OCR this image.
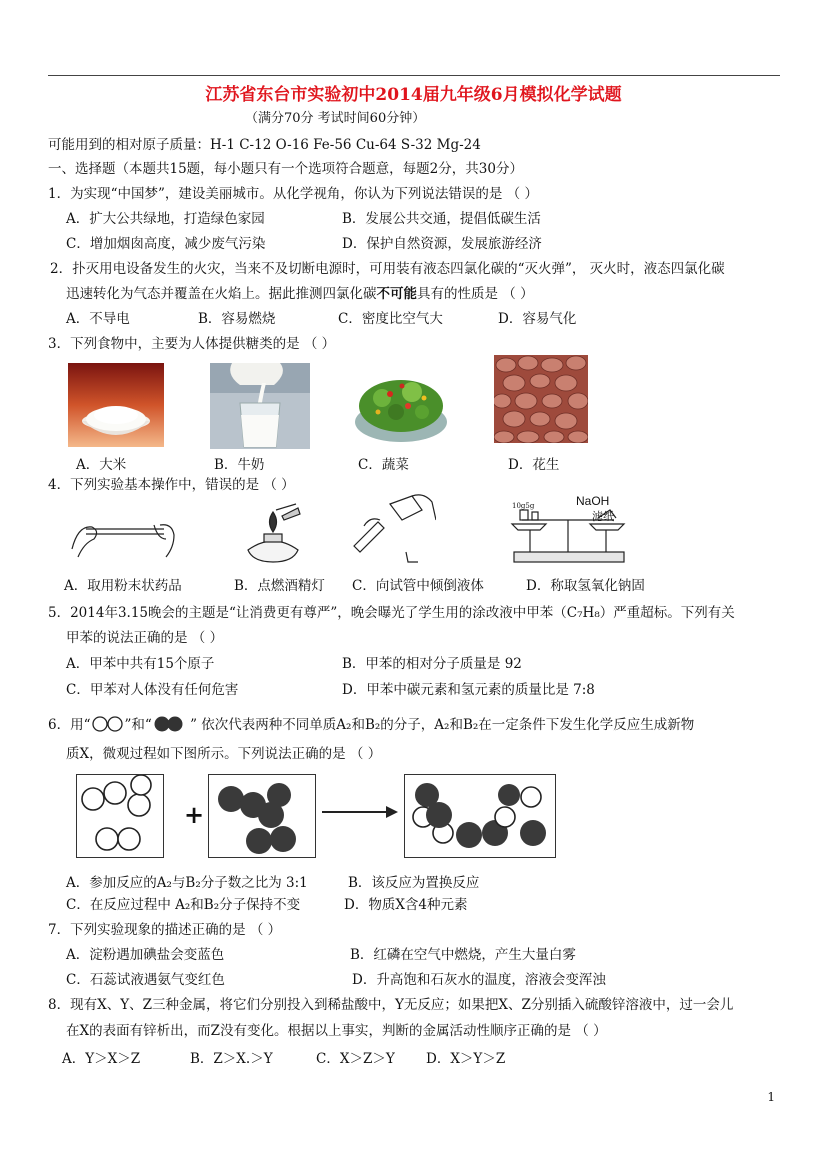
江苏省东台市实验初中2014届九年级6月模拟化学试题
（满分70分 考试时间60分钟）
可能用到的相对原子质量：H-1 C-12 O-16 Fe-56 Cu-64 S-32 Mg-24
一、选择题（本题共15题，每小题只有一个选项符合题意，每题2分，共30分）
1．为实现“中国梦”，建设美丽城市。从化学视角，你认为下列说法错误的是 （ ）
A．扩大公共绿地，打造绿色家园	B．发展公共交通，提倡低碳生活
C．增加烟囱高度，减少废气污染	D．保护自然资源，发展旅游经济
2．扑灭用电设备发生的火灾，当来不及切断电源时，可用装有液态四氯化碳的“灭火弹”， 灭火时，液态四氯化碳
迅速转化为气态并覆盖在火焰上。据此推测四氯化碳不可能具有的性质是 （ ）
A．不导电	B．容易燃烧	C．密度比空气大	D．容易气化
3．下列食物中，主要为人体提供糖类的是 （ ）
A．大米	B．牛奶	C．蔬菜	D．花生
4．下列实验基本操作中，错误的是 （ ）
10g5g	NaOH
滤纸
A．取用粉末状药品	B．点燃酒精灯 C．向试管中倾倒液体	D．称取氢氧化钠固
5．2014年3.15晚会的主题是“让消费更有尊严”，晚会曝光了学生用的涂改液中甲苯（C₇H₈）严重超标。下列有关
甲苯的说法正确的是 （ ）
A．甲苯中共有15个原子	B．甲苯的相对分子质量是 92
C．甲苯对人体没有任何危害	D．甲苯中碳元素和氢元素的质量比是 7:8
6．用“	”和“	” 依次代表两种不同单质A₂和B₂的分子，A₂和B₂在一定条件下发生化学反应生成新物
质X，微观过程如下图所示。下列说法正确的是 （ ）
+
A．参加反应的A₂与B₂分子数之比为 3:1	B．该反应为置换反应
C．在反应过程中 A₂和B₂分子保持不变	D．物质X含4种元素
7．下列实验现象的描述正确的是 （ ）
A．淀粉遇加碘盐会变蓝色	B．红磷在空气中燃烧，产生大量白雾
C．石蕊试液遇氨气变红色	D．升高饱和石灰水的温度，溶液会变浑浊
8．现有X、Y、Z三种金属，将它们分别投入到稀盐酸中，Y无反应；如果把X、Z分别插入硫酸锌溶液中，过一会儿
在X的表面有锌析出，而Z没有变化。根据以上事实，判断的金属活动性顺序正确的是 （ ）
A．Y＞X＞Z	B．Z＞X.＞Y	C．X＞Z＞Y D．X＞Y＞Z
1
